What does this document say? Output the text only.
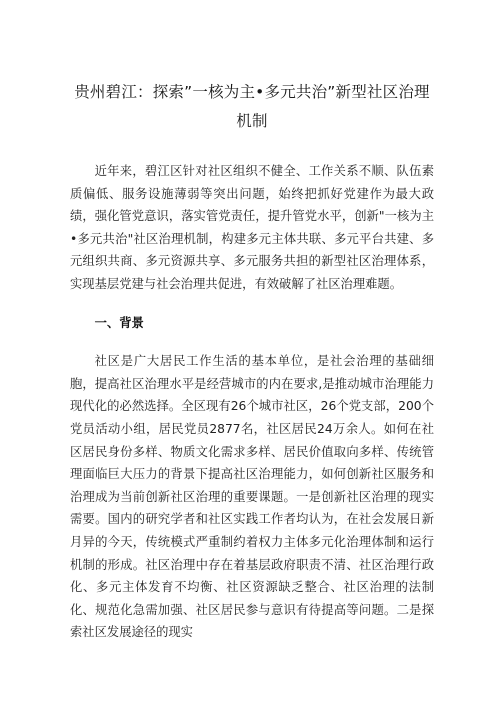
贵州碧江：探索”一核为主•多元共治”新型社区治理
机制

近年来，碧江区针对社区组织不健全、工作关系不顺、队伍素质偏低、服务设施薄弱等突出问题，始终把抓好党建作为最大政绩，强化管党意识，落实管党责任，提升管党水平，创新"一核为主•多元共治"社区治理机制，构建多元主体共联、多元平台共建、多元组织共商、多元资源共享、多元服务共担的新型社区治理体系，实现基层党建与社会治理共促进，有效破解了社区治理难题。

一、背景

社区是广大居民工作生活的基本单位，是社会治理的基础细胞，提高社区治理水平是经营城市的内在要求,是推动城市治理能力现代化的必然选择。全区现有26个城市社区，26个党支部，200个党员活动小组，居民党员2877名，社区居民24万余人。如何在社区居民身份多样、物质文化需求多样、居民价值取向多样、传统管理面临巨大压力的背景下提高社区治理能力，如何创新社区服务和治理成为当前创新社区治理的重要课题。一是创新社区治理的现实需要。国内的研究学者和社区实践工作者均认为，在社会发展日新月异的今天，传统模式严重制约着权力主体多元化治理体制和运行机制的形成。社区治理中存在着基层政府职责不清、社区治理行政化、多元主体发育不均衡、社区资源缺乏整合、社区治理的法制化、规范化急需加强、社区居民参与意识有待提高等问题。二是探索社区发展途径的现实
